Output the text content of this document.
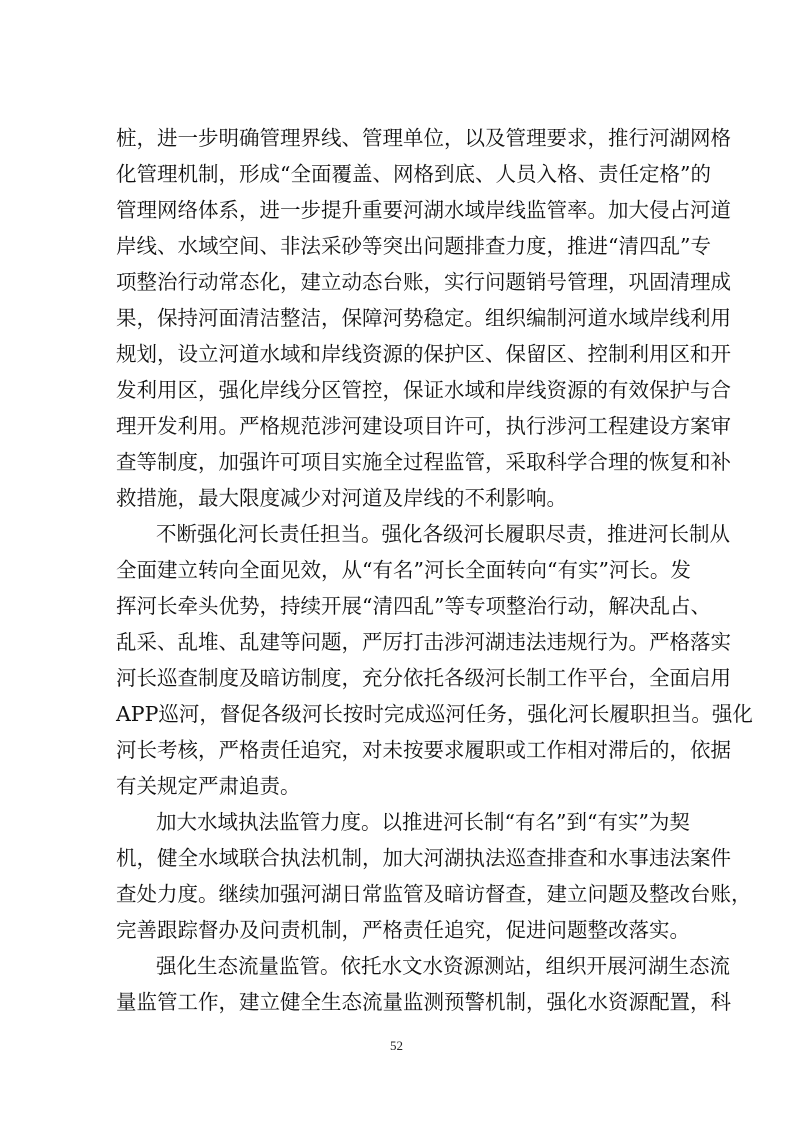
桩，进一步明确管理界线、管理单位，以及管理要求，推行河湖网格
化管理机制，形成“全面覆盖、网格到底、人员入格、责任定格”的
管理网络体系，进一步提升重要河湖水域岸线监管率。加大侵占河道
岸线、水域空间、非法采砂等突出问题排查力度，推进“清四乱”专
项整治行动常态化，建立动态台账，实行问题销号管理，巩固清理成
果，保持河面清洁整洁，保障河势稳定。组织编制河道水域岸线利用
规划，设立河道水域和岸线资源的保护区、保留区、控制利用区和开
发利用区，强化岸线分区管控，保证水域和岸线资源的有效保护与合
理开发利用。严格规范涉河建设项目许可，执行涉河工程建设方案审
查等制度，加强许可项目实施全过程监管，采取科学合理的恢复和补
救措施，最大限度减少对河道及岸线的不利影响。
不断强化河长责任担当。强化各级河长履职尽责，推进河长制从
全面建立转向全面见效，从“有名”河长全面转向“有实”河长。发
挥河长牵头优势，持续开展“清四乱”等专项整治行动，解决乱占、
乱采、乱堆、乱建等问题，严厉打击涉河湖违法违规行为。严格落实
河长巡查制度及暗访制度，充分依托各级河长制工作平台，全面启用
APP巡河，督促各级河长按时完成巡河任务，强化河长履职担当。强化
河长考核，严格责任追究，对未按要求履职或工作相对滞后的，依据
有关规定严肃追责。
加大水域执法监管力度。以推进河长制“有名”到“有实”为契
机，健全水域联合执法机制，加大河湖执法巡查排查和水事违法案件
查处力度。继续加强河湖日常监管及暗访督查，建立问题及整改台账，
完善跟踪督办及问责机制，严格责任追究，促进问题整改落实。
强化生态流量监管。依托水文水资源测站，组织开展河湖生态流
量监管工作，建立健全生态流量监测预警机制，强化水资源配置，科
52
